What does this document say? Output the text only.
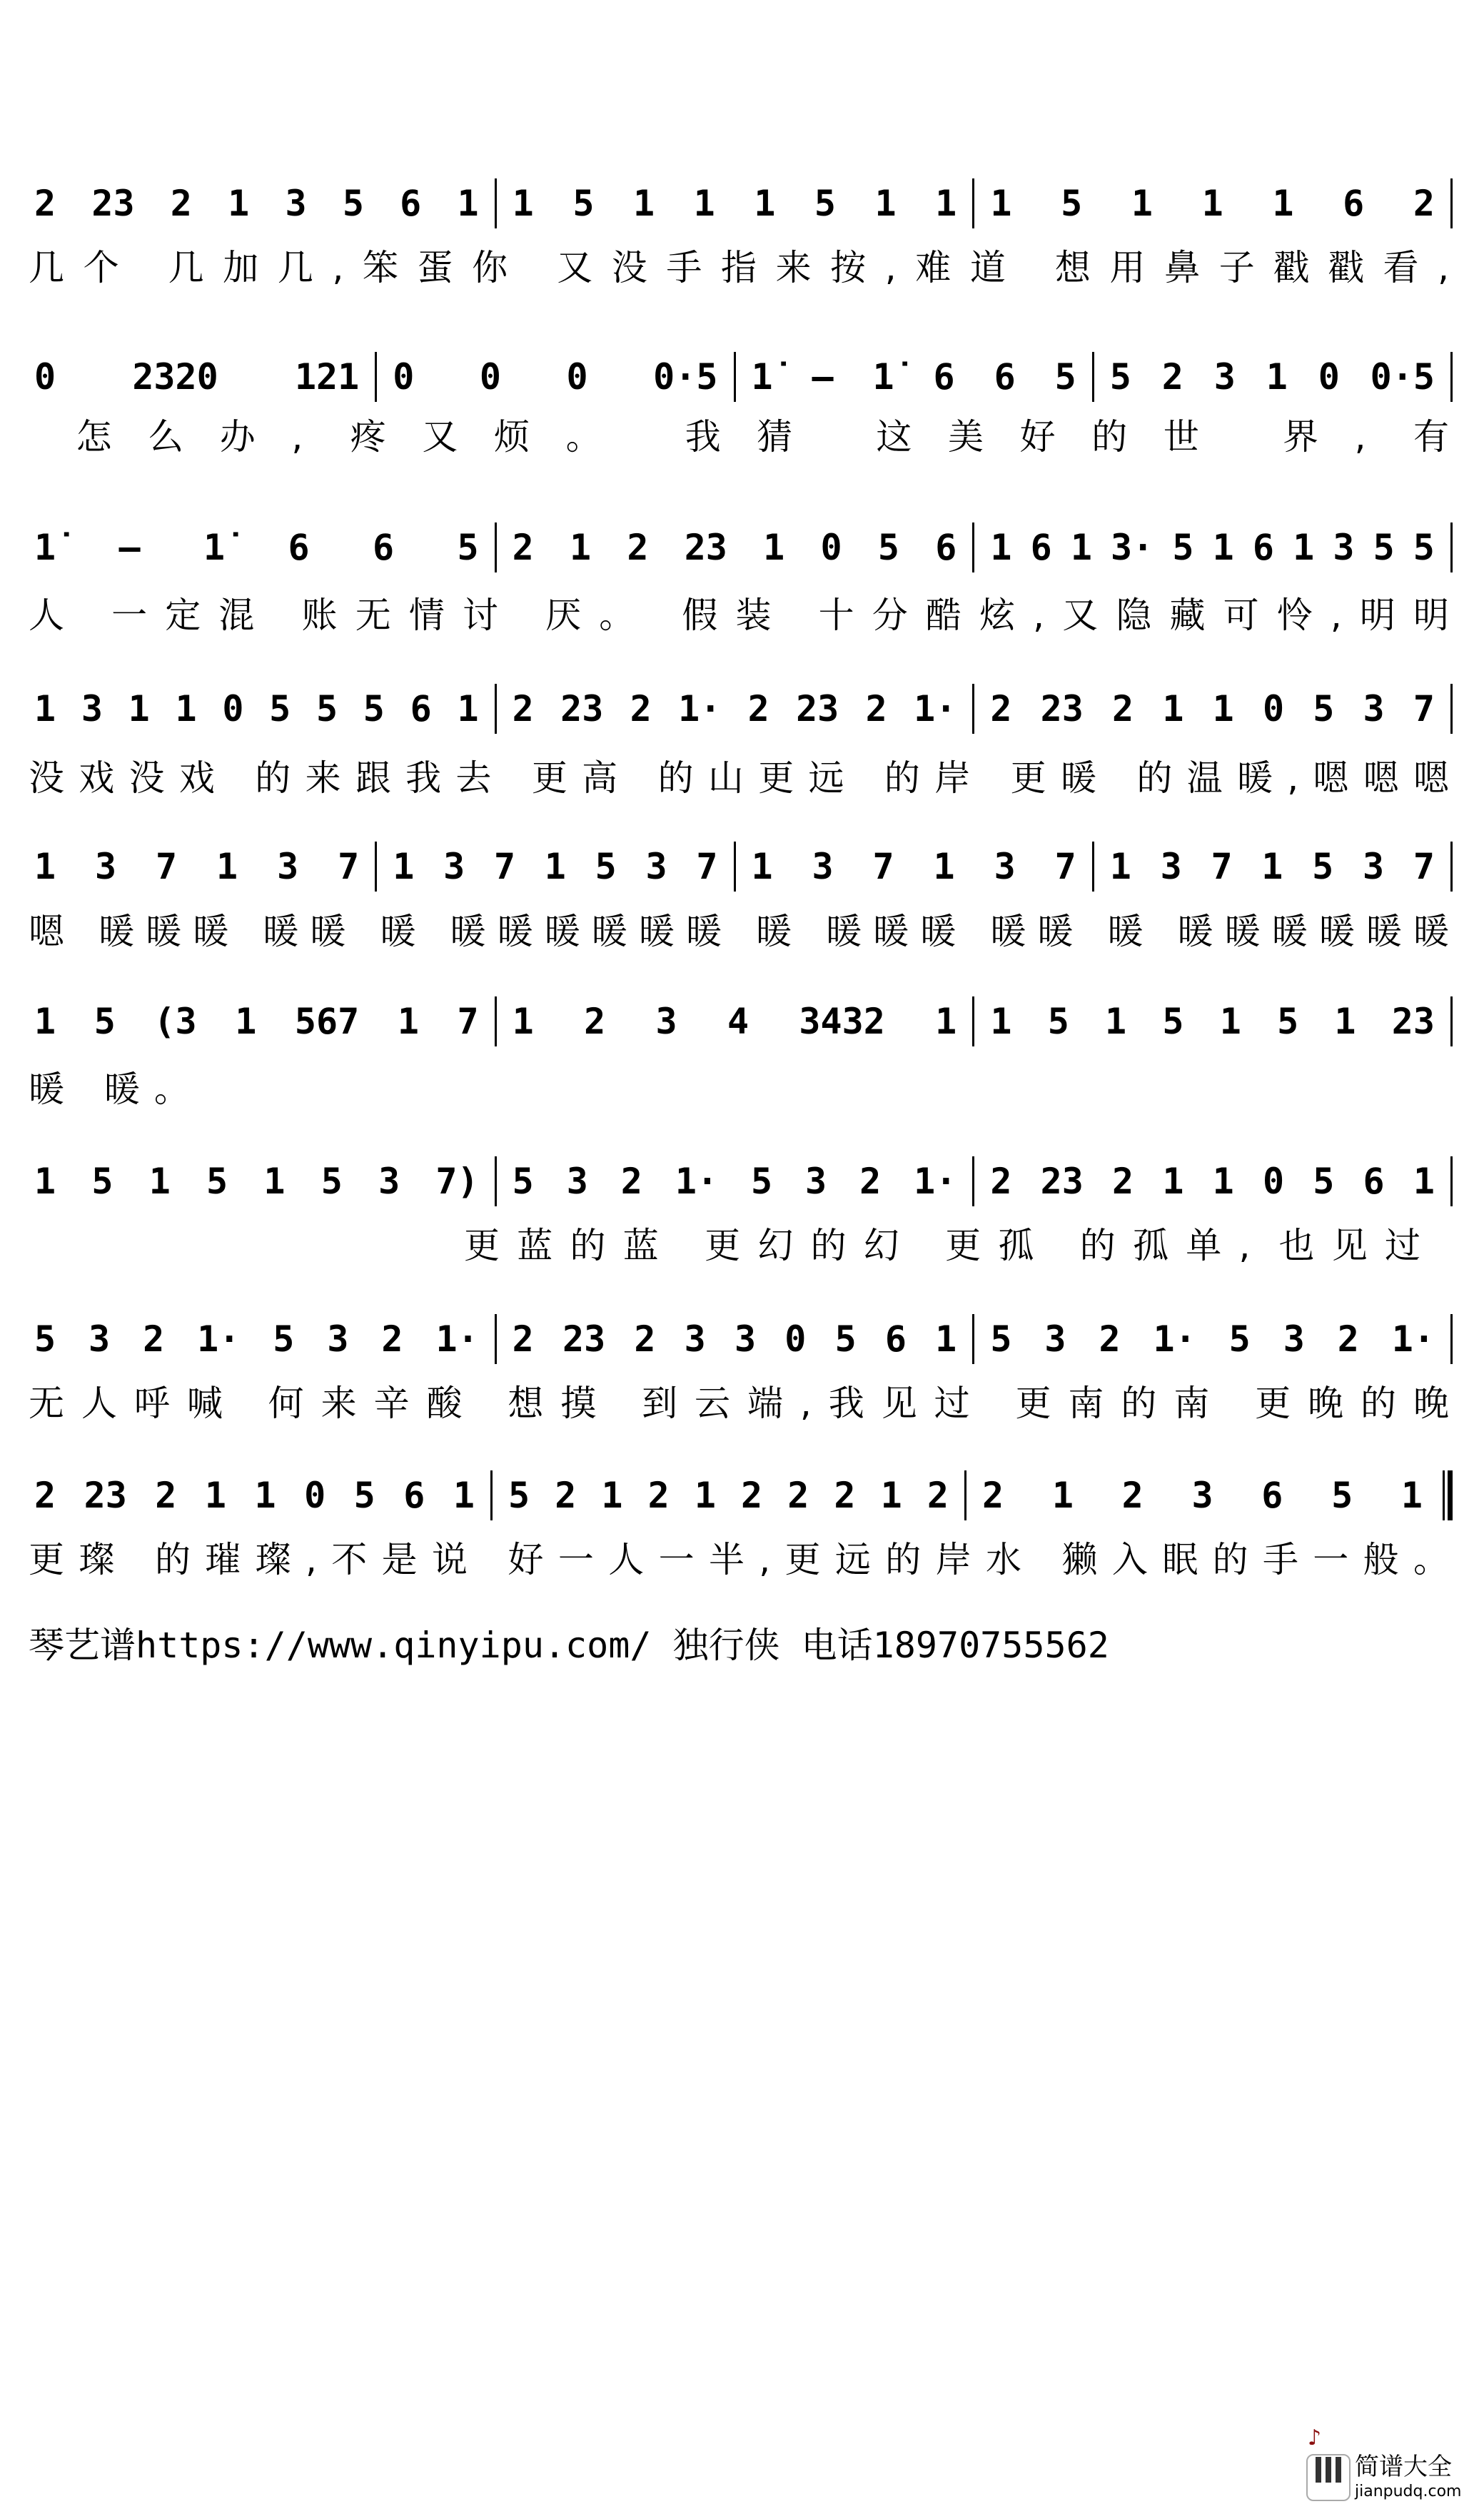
2 23 2 1 3 5 6 1 1 5 1 1 1 5 1 1 1 5 1 1 1 6 2
几个 几加几,笨蛋你 又没手指来按,难道 想用鼻子戳戳看,
0 2320 121 0 0 0 0·5 1̇ – 1̇ 6 6 5 5 2 3 1 0 0·5
怎么办, 疼又烦。 我猜 这美好的世 界, 有
1̇ – 1̇ 6 6 5 2 1 2 23 1 0 5 6 1 6 1 3· 5 1 6 1 3 5 5
人 一定混 账无情讨 厌。 假装 十分酷炫,又隐藏可怜,明明
1 3 1 1 0 5 5 5 6 1 2 23 2 1· 2 23 2 1· 2 23 2 1 1 0 5 3 7
没戏没戏 的来跟我去 更高 的山更远 的岸 更暖 的温暖,嗯嗯嗯
1 3 7 1 3 7 1 3 7 1 5 3 7 1 3 7 1 3 7 1 3 7 1 5 3 7
嗯 暖暖暖 暖暖 暖 暖暖暖暖暖暖 暖 暖暖暖 暖暖 暖 暖暖暖暖暖暖
1 5 (3 1 567 1 7 1 2 3 4 3432 1 1 5 1 5 1 5 1 23
暖 暖。
1 5 1 5 1 5 3 7) 5 3 2 1· 5 3 2 1· 2 23 2 1 1 0 5 6 1
更蓝的蓝 更幻的幻 更孤 的孤单, 也见过
5 3 2 1· 5 3 2 1· 2 23 2 3 3 0 5 6 1 5 3 2 1· 5 3 2 1·
无人呼喊 何来辛酸 想摸 到云端,我见过 更南的南 更晚的晚
2 23 2 1 1 0 5 6 1 5 2 1 2 1 2 2 2 1 2 2 1 2 3 6 5 1
更璨 的璀璨,不是说 好一人一半,更远的岸水 獭入眠的手一般。
琴艺谱https://www.qinyipu.com/ 独行侠 电话18970755562
♪
简谱大全
jianpudq.com
